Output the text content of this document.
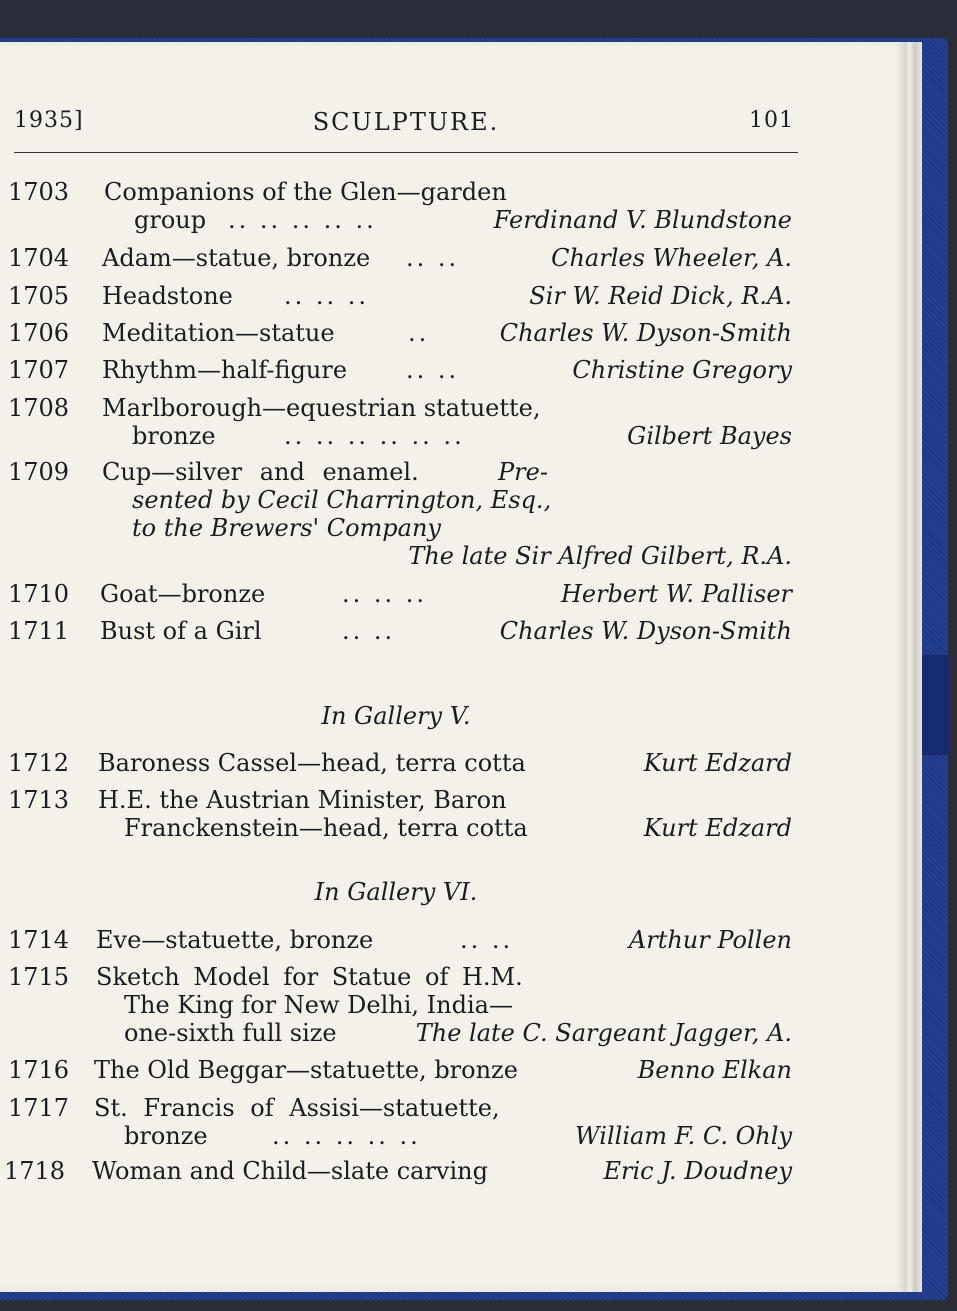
1935]	SCULPTURE.	101
1703	Companions of the Glen—garden
group .. .. .. .. ..	Ferdinand V. Blundstone
1704	Adam—statue, bronze .. ..	Charles Wheeler, A.
1705	Headstone .. .. ..	Sir W. Reid Dick, R.A.
1706	Meditation—statue	..	Charles W. Dyson-Smith
1707	Rhythm—half-figure .. ..	Christine Gregory
1708	Marlborough—equestrian statuette,
bronze	.. .. .. .. .. ..	Gilbert Bayes
1709	Cup—silver and enamel.	Pre-
sented by Cecil Charrington, Esq.,
to the Brewers' Company
The late Sir Alfred Gilbert, R.A.
1710	Goat—bronze	.. .. ..	Herbert W. Palliser
1711	Bust of a Girl	.. ..	Charles W. Dyson-Smith
In Gallery V.
1712	Baroness Cassel—head, terra cotta	Kurt Edzard
1713	H.E. the Austrian Minister, Baron
Franckenstein—head, terra cotta	Kurt Edzard
In Gallery VI.
1714	Eve—statuette, bronze	.. ..	Arthur Pollen
1715	Sketch Model for Statue of H.M.
The King for New Delhi, India—
one-sixth full size	The late C. Sargeant Jagger, A.
1716	The Old Beggar—statuette, bronze	Benno Elkan
1717	St. Francis of Assisi—statuette,
bronze	.. .. .. .. ..	William F. C. Ohly
1718	Woman and Child—slate carving	Eric J. Doudney
